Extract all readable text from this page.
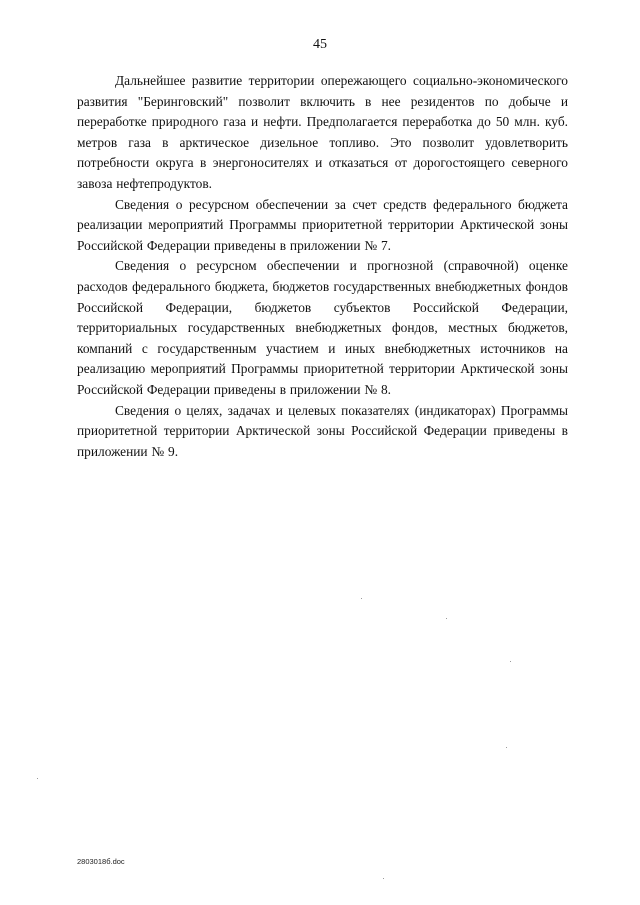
45

Дальнейшее развитие территории опережающего социально-экономического развития "Беринговский" позволит включить в нее резидентов по добыче и переработке природного газа и нефти. Предполагается переработка до 50 млн. куб. метров газа в арктическое дизельное топливо. Это позволит удовлетворить потребности округа в энергоносителях и отказаться от дорогостоящего северного завоза нефтепродуктов.

Сведения о ресурсном обеспечении за счет средств федерального бюджета реализации мероприятий Программы приоритетной территории Арктической зоны Российской Федерации приведены в приложении № 7.

Сведения о ресурсном обеспечении и прогнозной (справочной) оценке расходов федерального бюджета, бюджетов государственных внебюджетных фондов Российской Федерации, бюджетов субъектов Российской Федерации, территориальных государственных внебюджетных фондов, местных бюджетов, компаний с государственным участием и иных внебюджетных источников на реализацию мероприятий Программы приоритетной территории Арктической зоны Российской Федерации приведены в приложении № 8.

Сведения о целях, задачах и целевых показателях (индикаторах) Программы приоритетной территории Арктической зоны Российской Федерации приведены в приложении № 9.

2803018б.doc
